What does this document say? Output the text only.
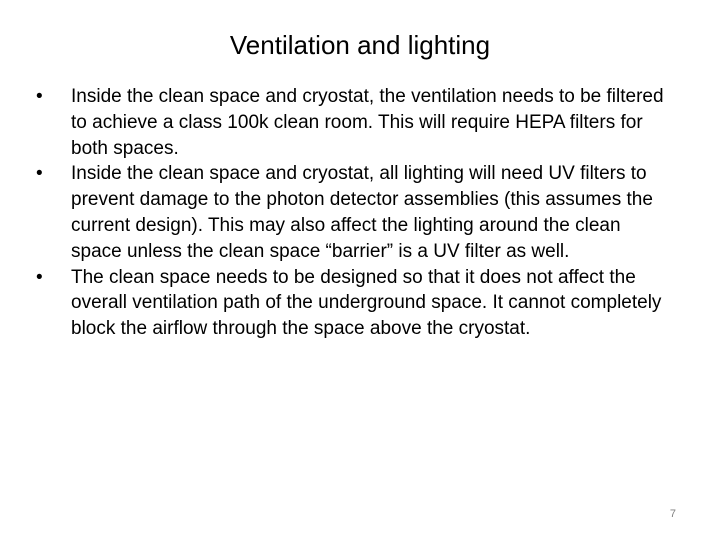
Ventilation and lighting
• Inside the clean space and cryostat, the ventilation needs to be filtered to achieve a class 100k clean room. This will require HEPA filters for both spaces.
• Inside the clean space and cryostat, all lighting will need UV filters to prevent damage to the photon detector assemblies (this assumes the current design). This may also affect the lighting around the clean space unless the clean space “barrier” is a UV filter as well.
• The clean space needs to be designed so that it does not affect the overall ventilation path of the underground space. It cannot completely block the airflow through the space above the cryostat.
7
